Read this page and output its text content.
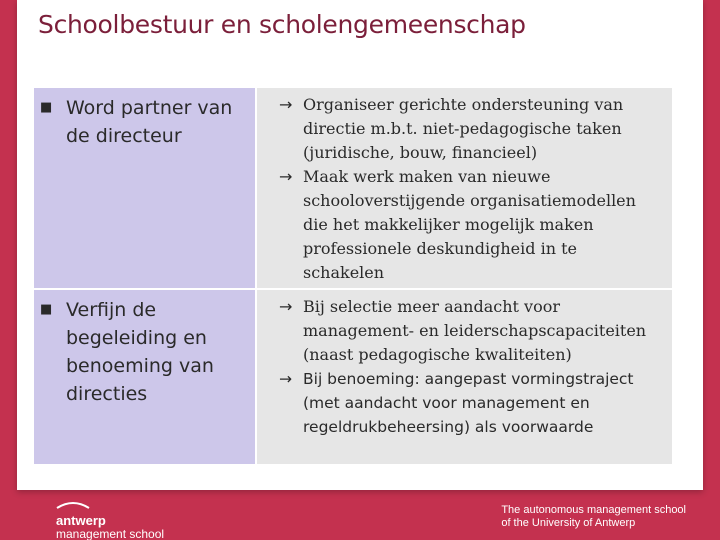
Schoolbestuur en scholengemeenschap
■ Word partner van de directeur
→ Organiseer gerichte ondersteuning van directie m.b.t. niet-pedagogische taken (juridische, bouw, financieel)
→ Maak werk maken van nieuwe schooloverstijgende organisatiemodellen die het makkelijker mogelijk maken professionele deskundigheid in te schakelen
■ Verfijn de begeleiding en benoeming van directies
→ Bij selectie meer aandacht voor management- en leiderschapscapaciteiten (naast pedagogische kwaliteiten)
→ Bij benoeming: aangepast vormingstraject (met aandacht voor management en regeldrukbeheersing) als voorwaarde
antwerp
management school
The autonomous management school
of the University of Antwerp
